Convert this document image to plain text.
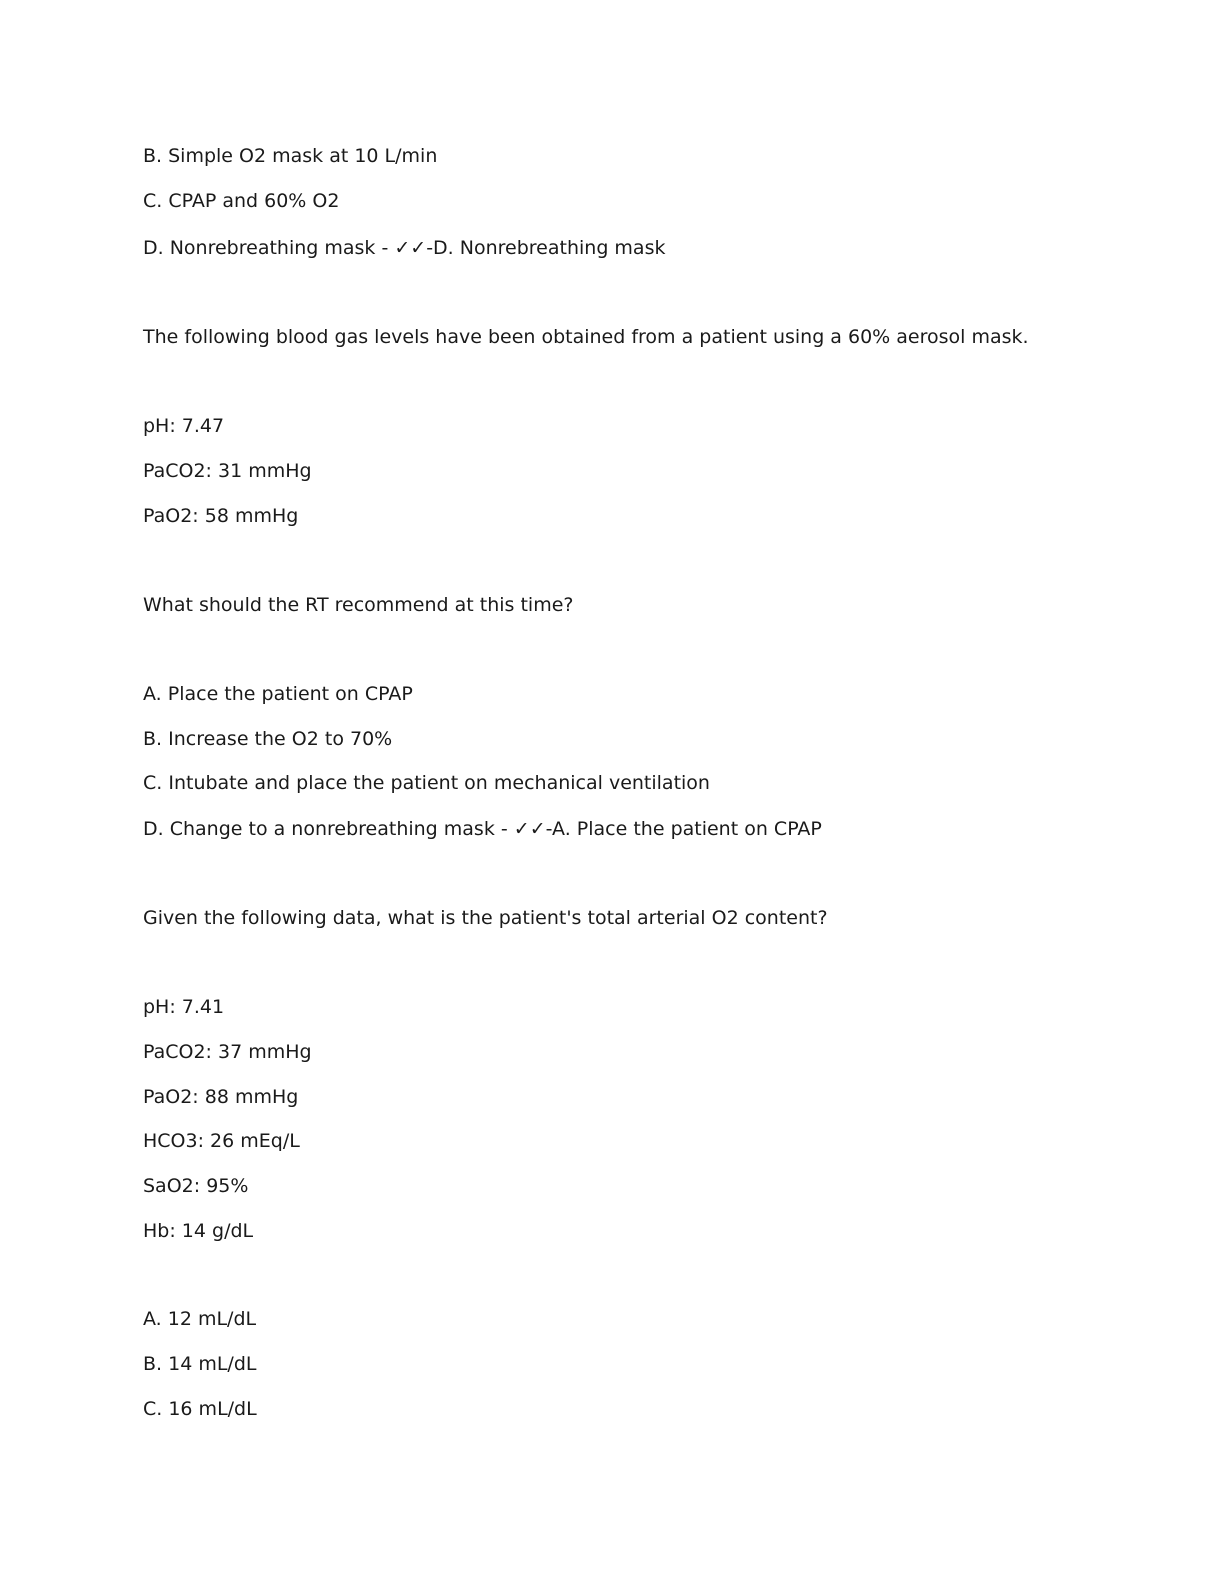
B. Simple O2 mask at 10 L/min
C. CPAP and 60% O2
D. Nonrebreathing mask - ✓✓-D. Nonrebreathing mask
The following blood gas levels have been obtained from a patient using a 60% aerosol mask.
pH: 7.47
PaCO2: 31 mmHg
PaO2: 58 mmHg
What should the RT recommend at this time?
A. Place the patient on CPAP
B. Increase the O2 to 70%
C. Intubate and place the patient on mechanical ventilation
D. Change to a nonrebreathing mask - ✓✓-A. Place the patient on CPAP
Given the following data, what is the patient's total arterial O2 content?
pH: 7.41
PaCO2: 37 mmHg
PaO2: 88 mmHg
HCO3: 26 mEq/L
SaO2: 95%
Hb: 14 g/dL
A. 12 mL/dL
B. 14 mL/dL
C. 16 mL/dL
